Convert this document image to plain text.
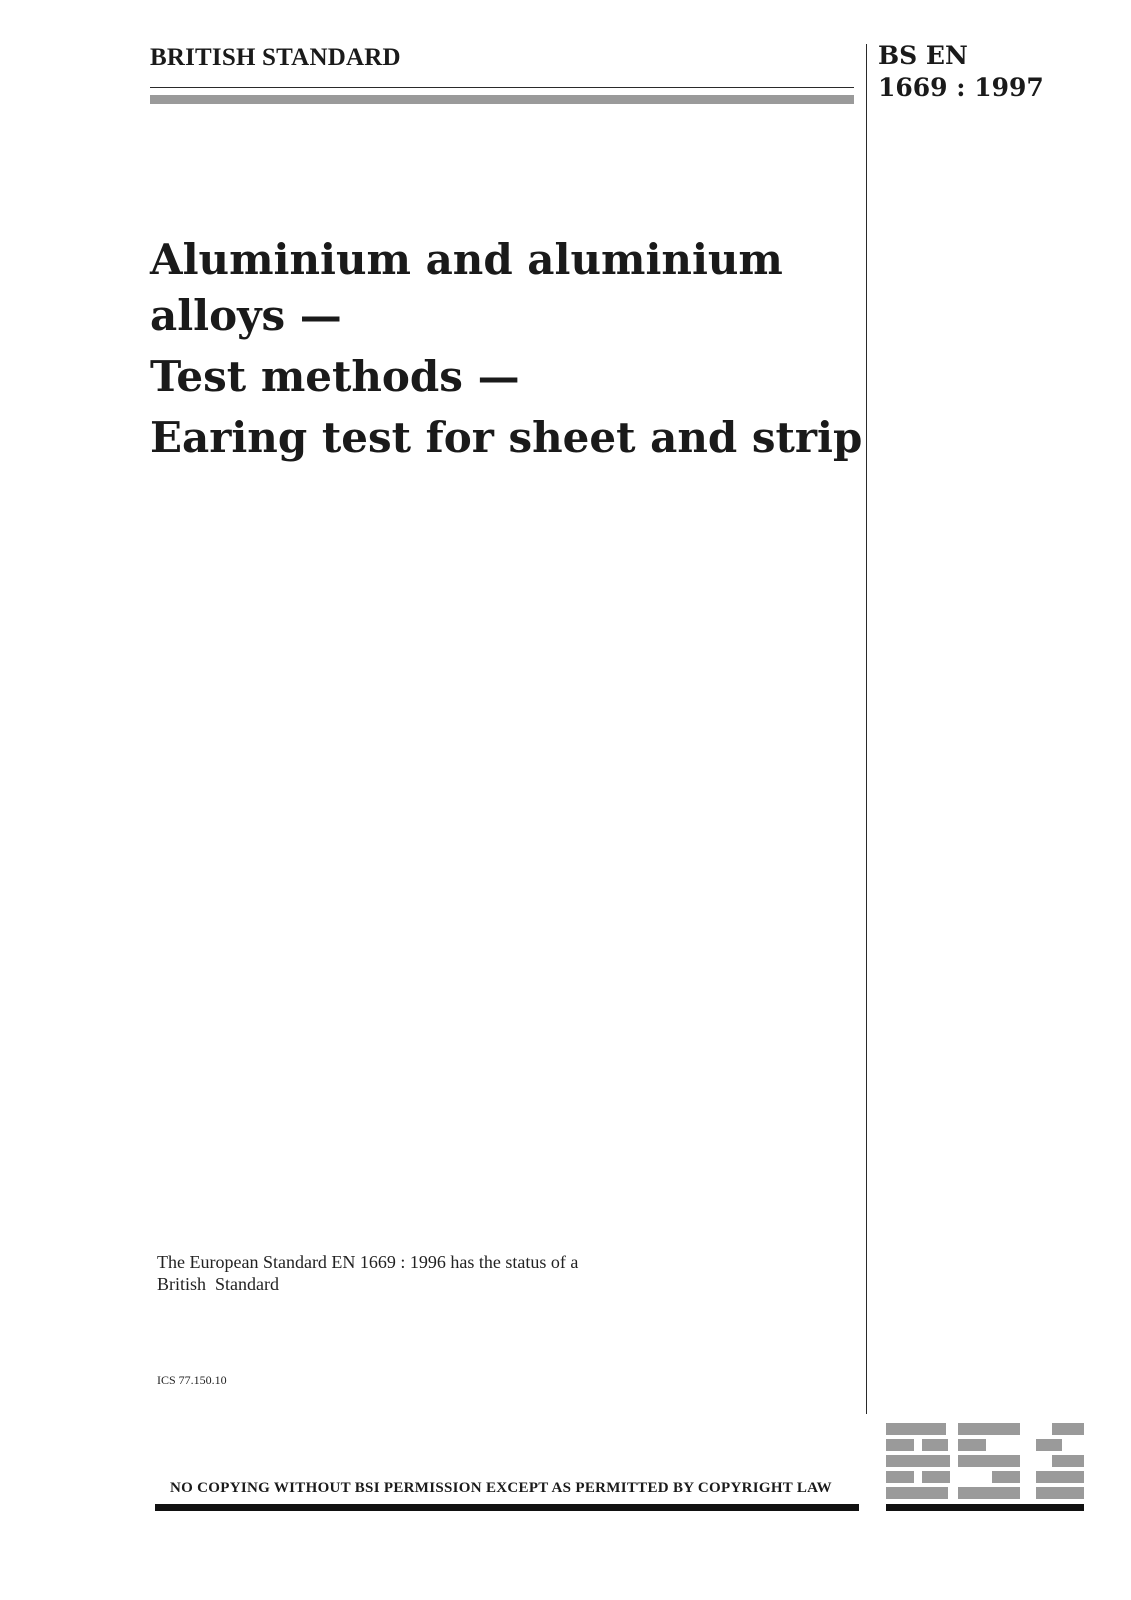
BRITISH STANDARD	BS EN
1669 : 1997
Aluminium and aluminium
alloys —
Test methods —
Earing test for sheet and strip
The European Standard EN 1669 : 1996 has the status of a
British  Standard
ICS 77.150.10
NO COPYING WITHOUT BSI PERMISSION EXCEPT AS PERMITTED BY COPYRIGHT LAW
